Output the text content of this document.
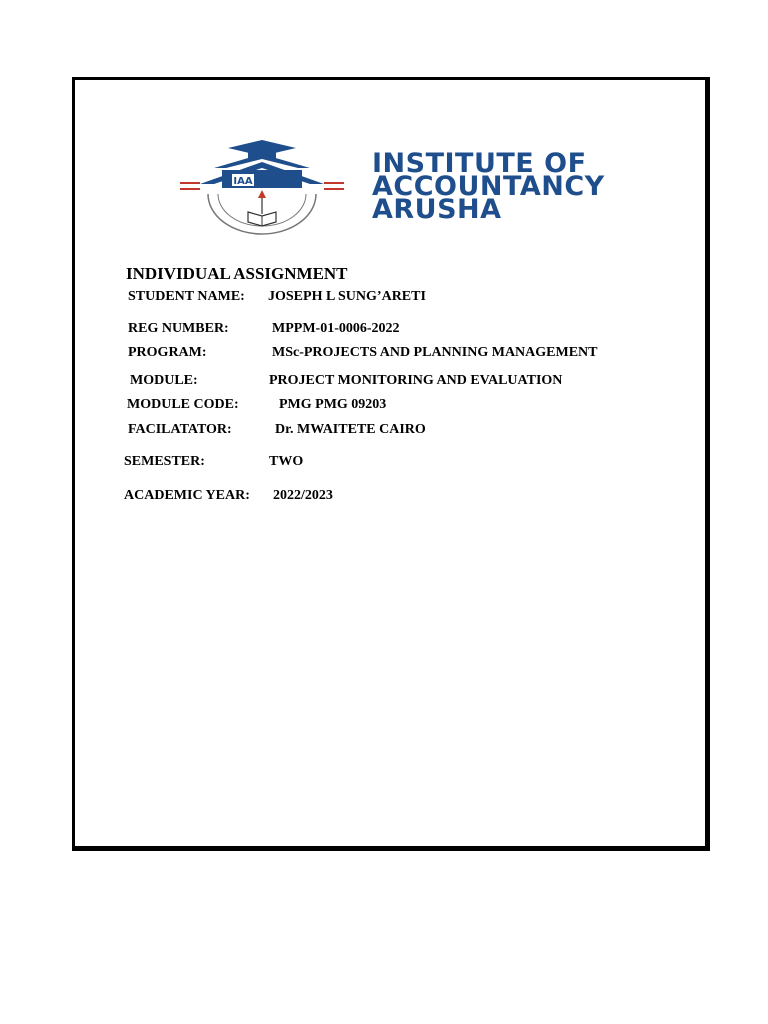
IAA
INSTITUTE OF
ACCOUNTANCY
ARUSHA
INDIVIDUAL ASSIGNMENT
STUDENT NAME: JOSEPH L SUNG’ARETI
REG NUMBER:	MPPM-01-0006-2022
PROGRAM:	MSc-PROJECTS AND PLANNING MANAGEMENT
MODULE:	PROJECT MONITORING AND EVALUATION
MODULE CODE:	PMG PMG 09203
FACILATATOR:	Dr. MWAITETE CAIRO
SEMESTER:	TWO
ACADEMIC YEAR: 2022/2023
